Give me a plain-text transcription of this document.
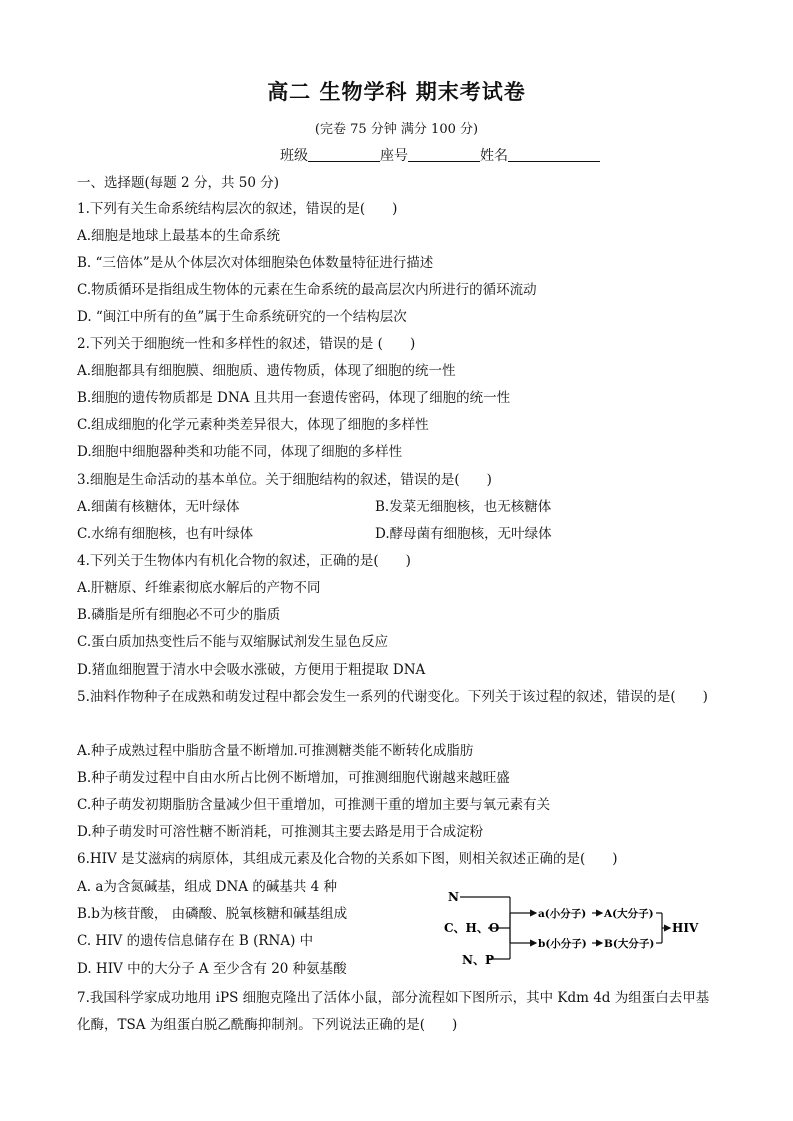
高二 生物学科 期末考试卷
(完卷 75 分钟 满分 100 分)
班级	座号	姓名
一、选择题(每题 2 分，共 50 分)
1.下列有关生命系统结构层次的叙述，错误的是(　　)
A.细胞是地球上最基本的生命系统
B. “三倍体”是从个体层次对体细胞染色体数量特征进行描述
C.物质循环是指组成生物体的元素在生命系统的最高层次内所进行的循环流动
D. “闽江中所有的鱼”属于生命系统研究的一个结构层次
2.下列关于细胞统一性和多样性的叙述，错误的是 (　　)
A.细胞都具有细胞膜、细胞质、遗传物质，体现了细胞的统一性
B.细胞的遗传物质都是 DNA 且共用一套遗传密码，体现了细胞的统一性
C.组成细胞的化学元素种类差异很大，体现了细胞的多样性
D.细胞中细胞器种类和功能不同，体现了细胞的多样性
3.细胞是生命活动的基本单位。关于细胞结构的叙述，错误的是(　　)
A.细菌有核糖体，无叶绿体	B.发菜无细胞核，也无核糖体
C.水绵有细胞核，也有叶绿体	D.酵母菌有细胞核，无叶绿体
4.下列关于生物体内有机化合物的叙述，正确的是(　　)
A.肝糖原、纤维素彻底水解后的产物不同
B.磷脂是所有细胞必不可少的脂质
C.蛋白质加热变性后不能与双缩脲试剂发生显色反应
D.猪血细胞置于清水中会吸水涨破，方便用于粗提取 DNA
5.油料作物种子在成熟和萌发过程中都会发生一系列的代谢变化。下列关于该过程的叙述，错误的是(　　)
A.种子成熟过程中脂肪含量不断增加.可推测糖类能不断转化成脂肪
B.种子萌发过程中自由水所占比例不断增加，可推测细胞代谢越来越旺盛
C.种子萌发初期脂肪含量减少但干重增加，可推测干重的增加主要与氧元素有关
D.种子萌发时可溶性糖不断消耗，可推测其主要去路是用于合成淀粉
6.HIV 是艾滋病的病原体，其组成元素及化合物的关系如下图，则相关叙述正确的是(　　)
A. a为含氮碱基，组成 DNA 的碱基共 4 种
B.b为核苷酸， 由磷酸、脱氧核糖和碱基组成
C. HIV 的遗传信息储存在 B (RNA) 中
D. HIV 中的大分子 A 至少含有 20 种氨基酸
N
C、H、O
N、P
a(小分子) A(大分子)
b(小分子) B(大分子)
HIV
7.我国科学家成功地用 iPS 细胞克隆出了活体小鼠，部分流程如下图所示，其中 Kdm 4d 为组蛋白去甲基化酶，TSA 为组蛋白脱乙酰酶抑制剂。下列说法正确的是(　　)
